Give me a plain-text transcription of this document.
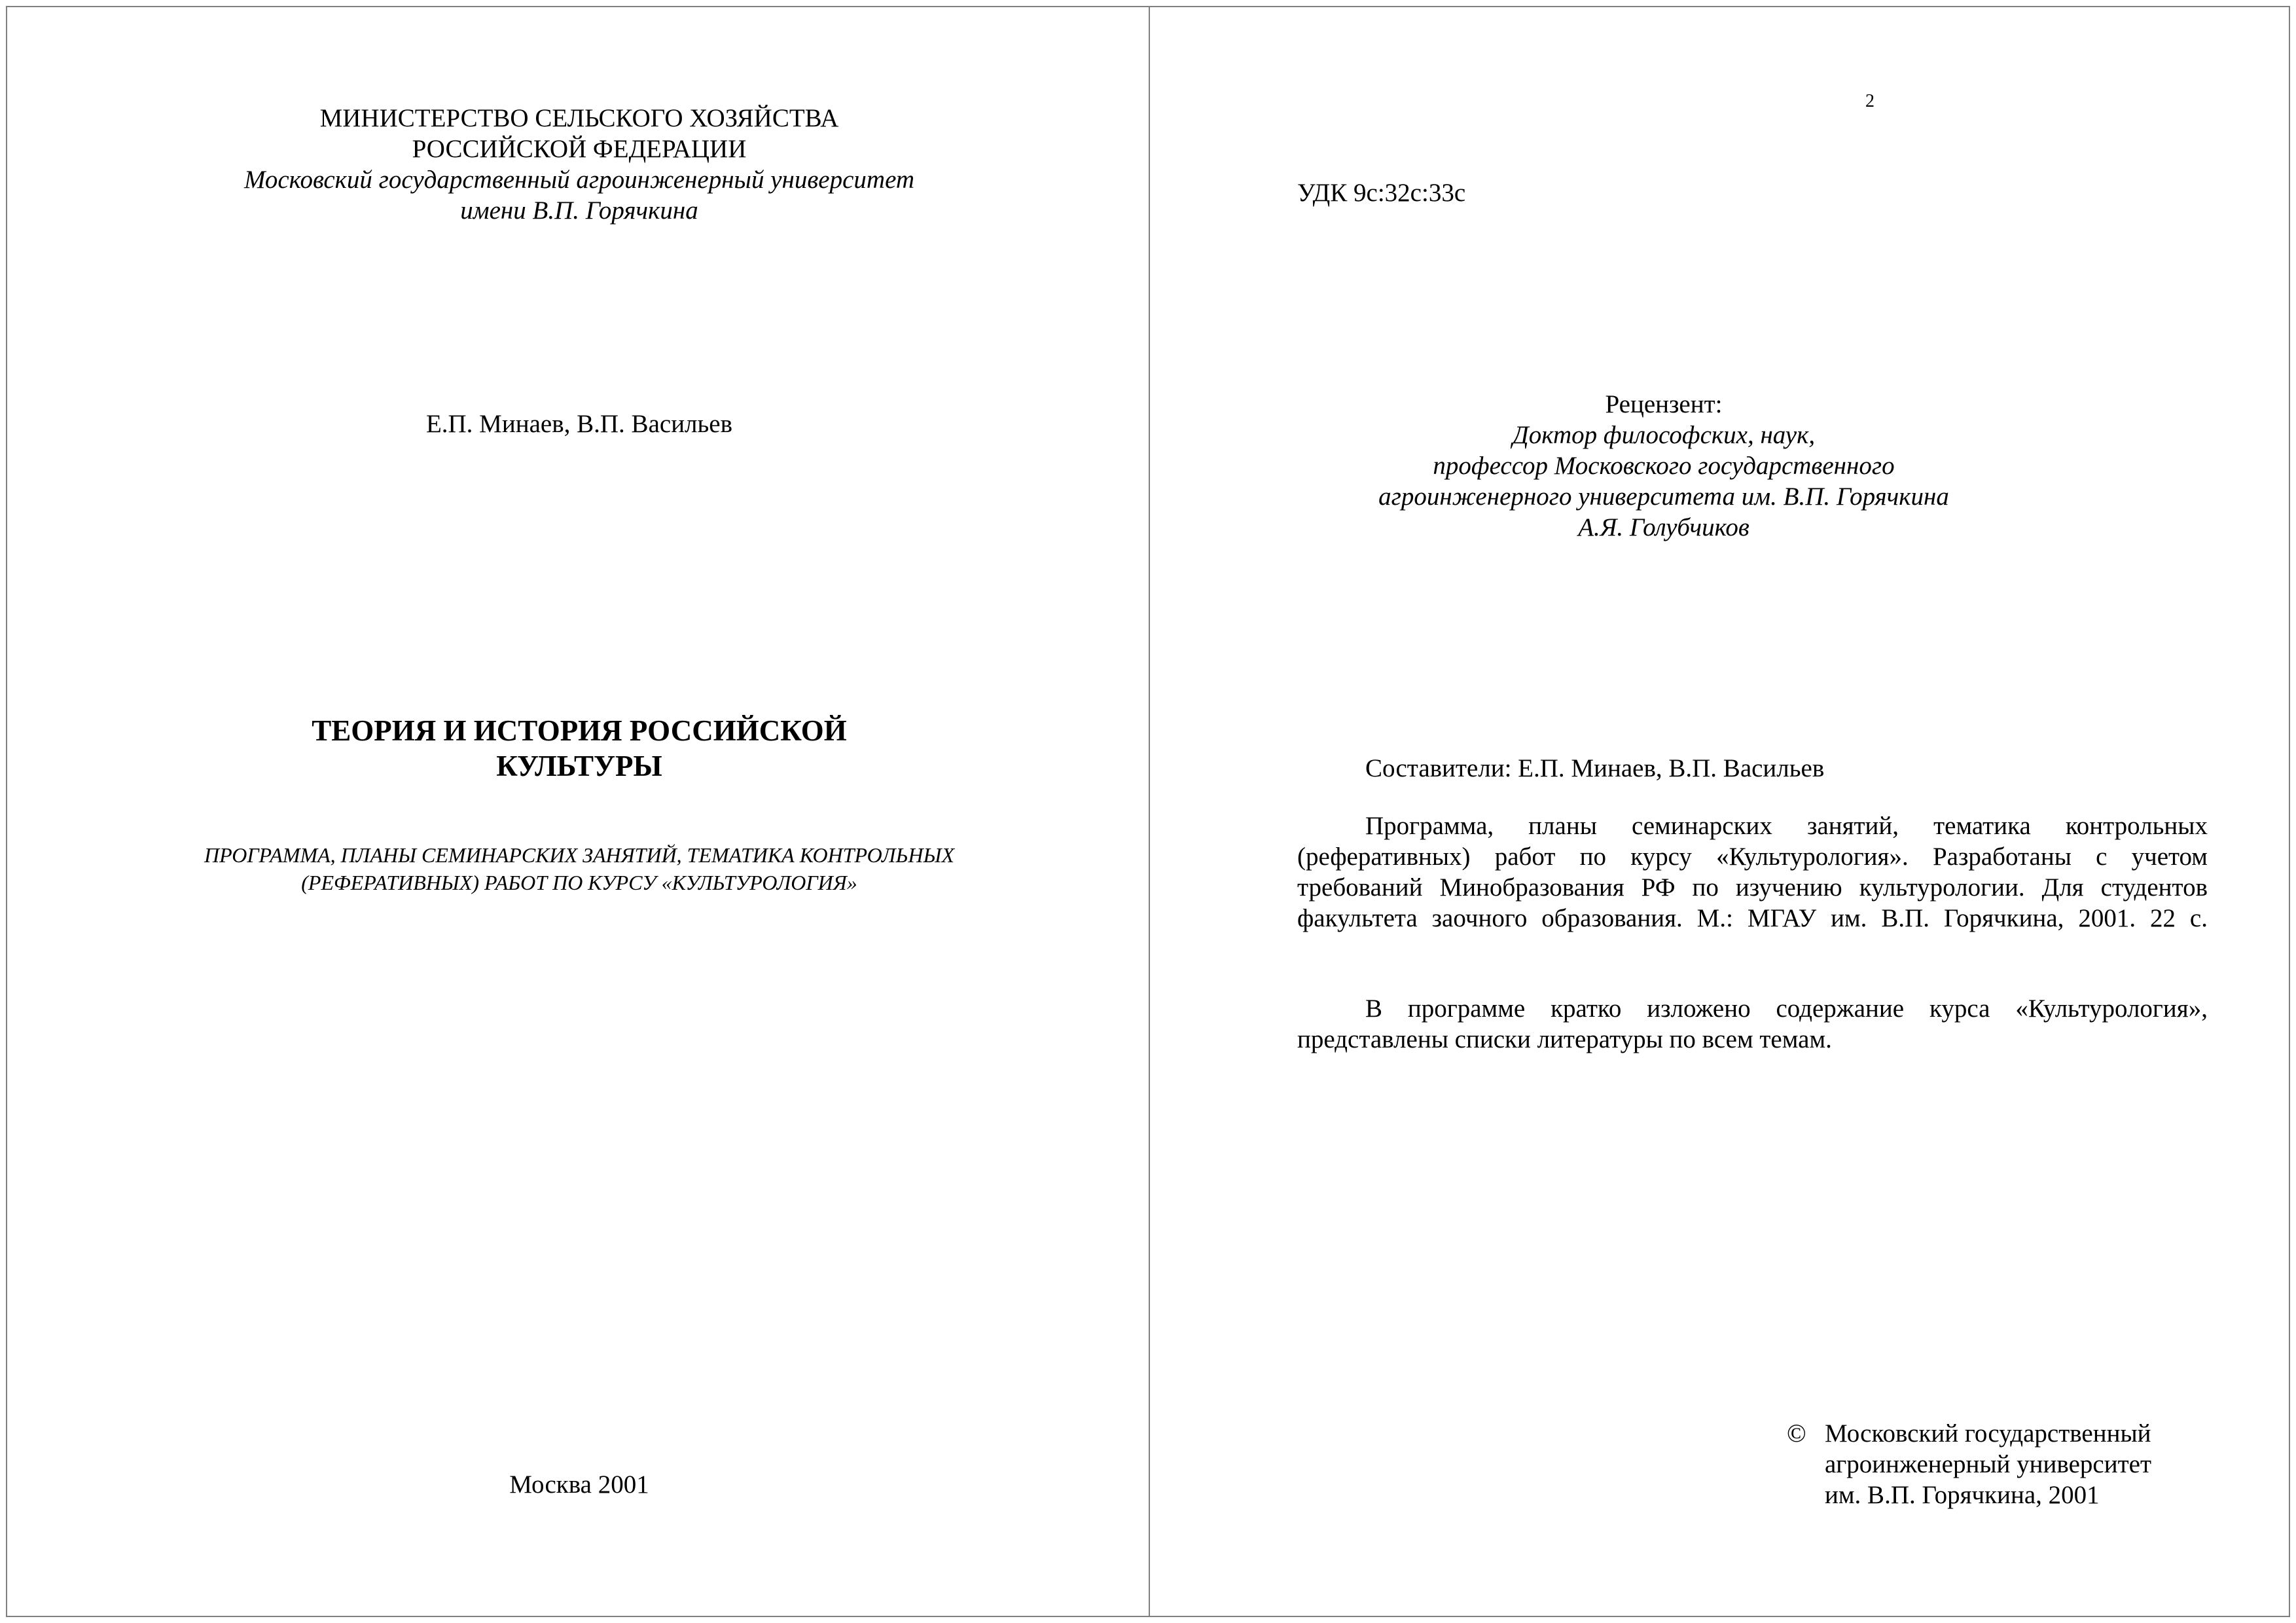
МИНИСТЕРСТВО СЕЛЬСКОГО ХОЗЯЙСТВА
РОССИЙСКОЙ ФЕДЕРАЦИИ
Московский государственный агроинженерный университет
имени В.П. Горячкина
Е.П. Минаев, В.П. Васильев
ТЕОРИЯ И ИСТОРИЯ РОССИЙСКОЙ
КУЛЬТУРЫ
ПРОГРАММА, ПЛАНЫ СЕМИНАРСКИХ ЗАНЯТИЙ, ТЕМАТИКА КОНТРОЛЬНЫХ
(РЕФЕРАТИВНЫХ) РАБОТ ПО КУРСУ «КУЛЬТУРОЛОГИЯ»
Москва 2001
2
УДК 9с:32с:33с
Рецензент:
Доктор философских, наук,
профессор Московского государственного
агроинженерного университета им. В.П. Горячкина
А.Я. Голубчиков
Составители: Е.П. Минаев, В.П. Васильев
Программа, планы семинарских занятий, тематика контрольных
(реферативных) работ по курсу «Культурология». Разработаны с учетом
требований Минобразования РФ по изучению культурологии. Для студентов
факультета заочного образования. М.: МГАУ им. В.П. Горячкина, 2001. 22 с.
В программе кратко изложено содержание курса «Культурология»,
представлены списки литературы по всем темам.
© Московский государственный
агроинженерный университет
им. В.П. Горячкина, 2001
